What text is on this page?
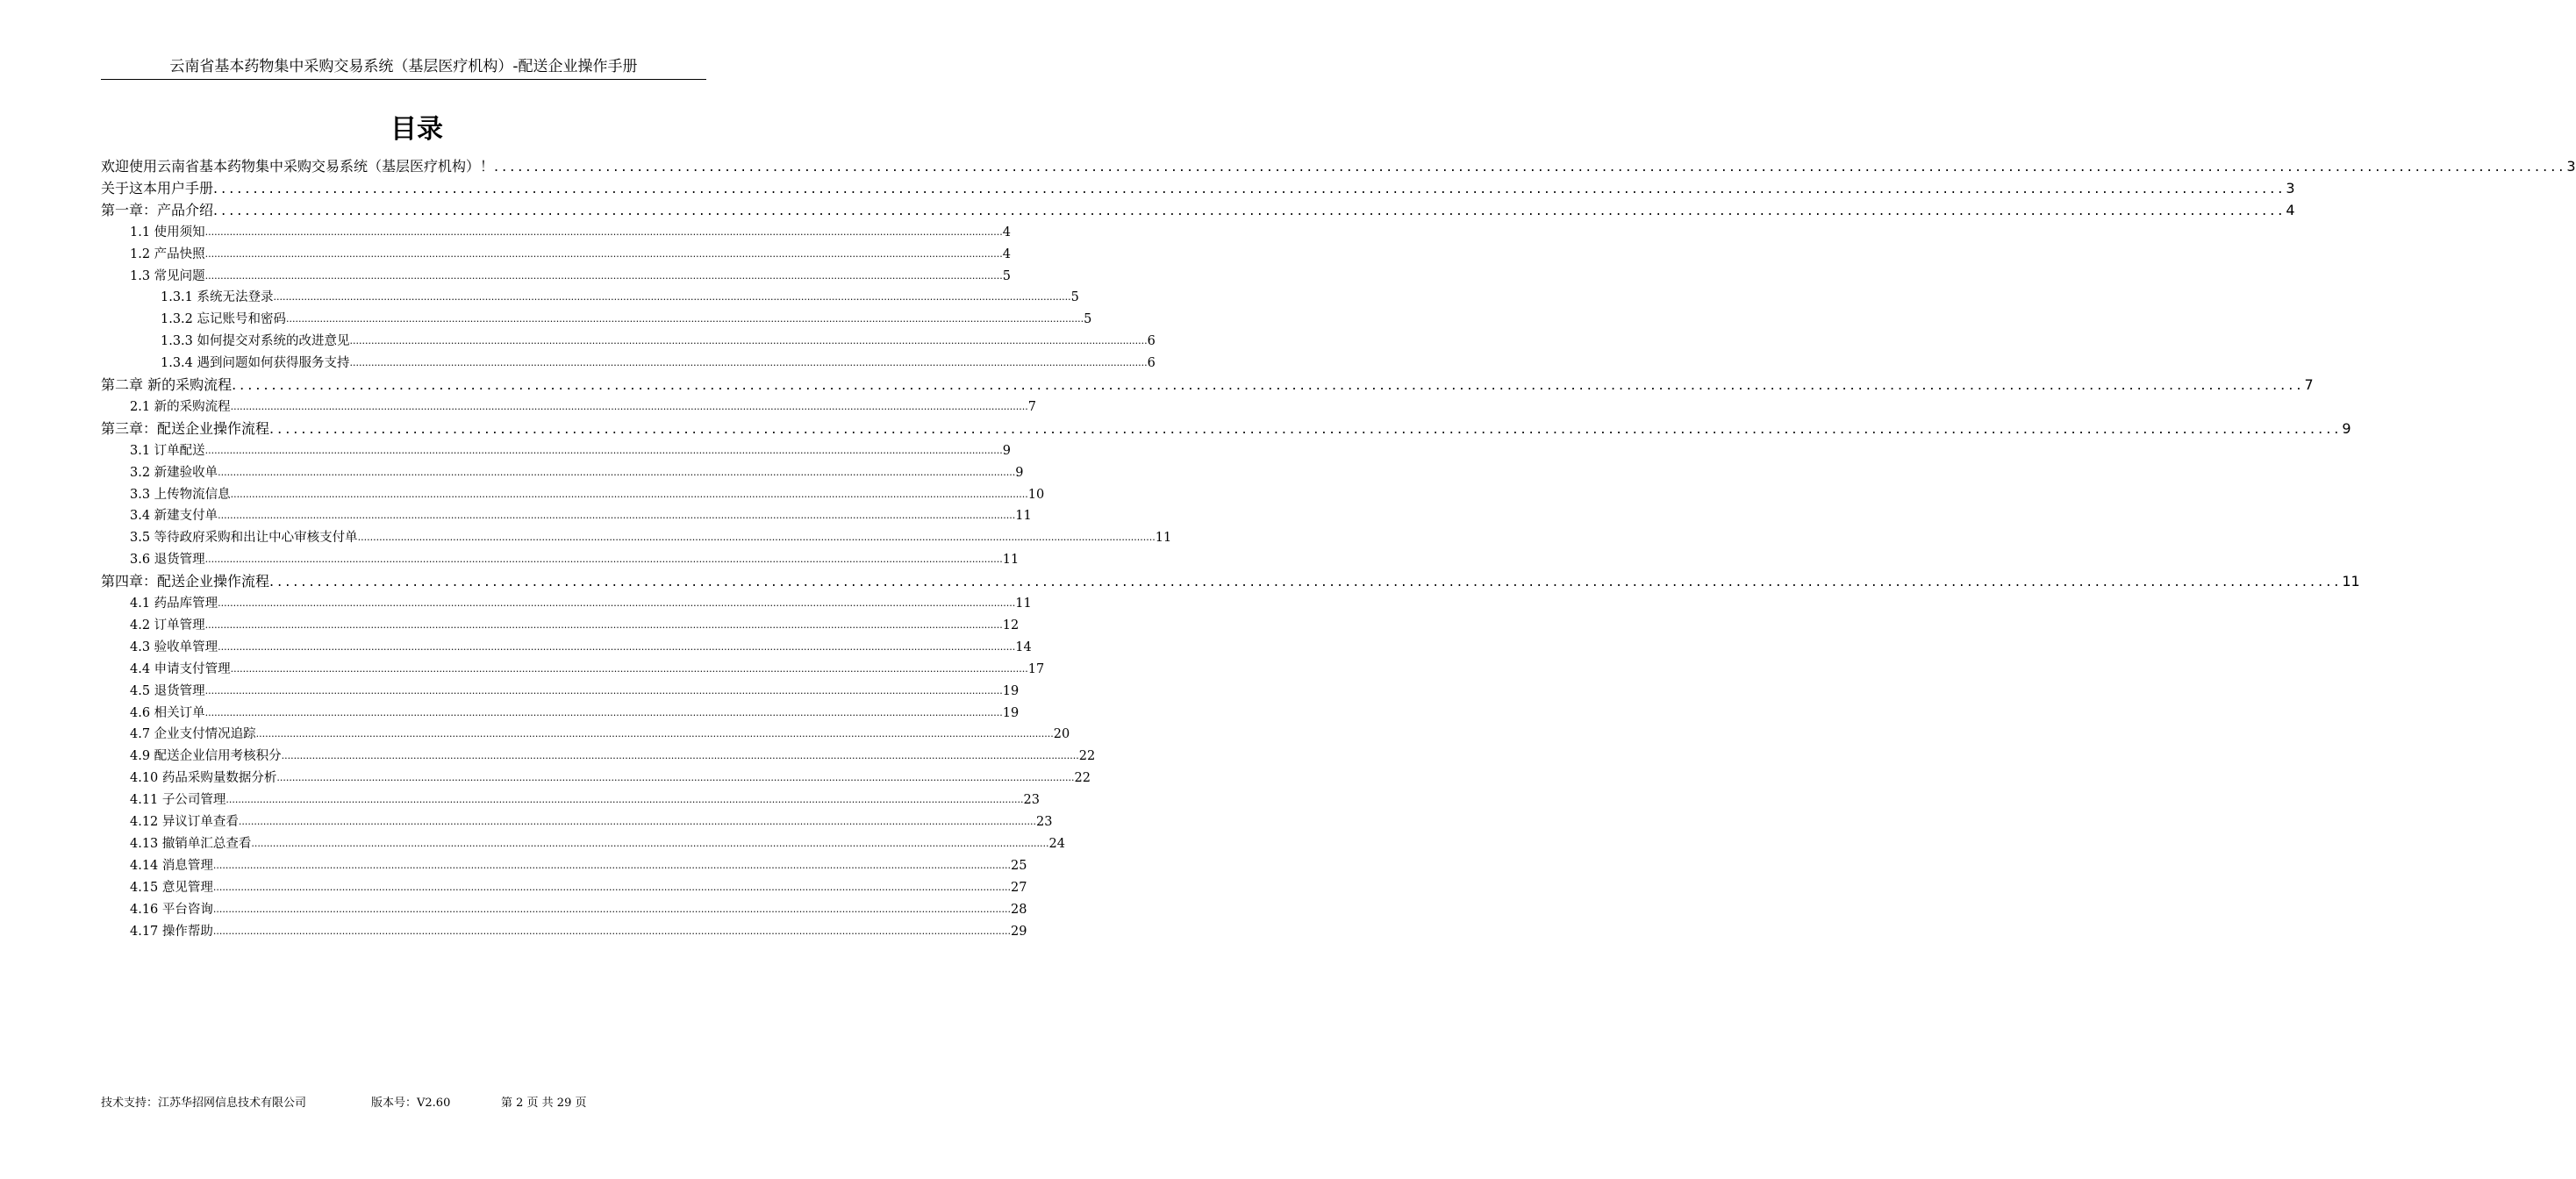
云南省基本药物集中采购交易系统（基层医疗机构）-配送企业操作手册
目录
欢迎使用云南省基本药物集中采购交易系统（基层医疗机构）！ .................................................................................................................................................................................................................................................................... 3
关于这本用户手册 .................................................................................................................................................................................................................................................................... 3
第一章：产品介绍 .................................................................................................................................................................................................................................................................... 4
1.1 使用须知 .................................................................................................................................................................................................................................................................... 4
1.2 产品快照 .................................................................................................................................................................................................................................................................... 4
1.3 常见问题 .................................................................................................................................................................................................................................................................... 5
1.3.1 系统无法登录 .................................................................................................................................................................................................................................................................... 5
1.3.2 忘记账号和密码 .................................................................................................................................................................................................................................................................... 5
1.3.3 如何提交对系统的改进意见 .................................................................................................................................................................................................................................................................... 6
1.3.4 遇到问题如何获得服务支持 .................................................................................................................................................................................................................................................................... 6
第二章 新的采购流程 .................................................................................................................................................................................................................................................................... 7
2.1 新的采购流程 .................................................................................................................................................................................................................................................................... 7
第三章：配送企业操作流程 .................................................................................................................................................................................................................................................................... 9
3.1 订单配送 .................................................................................................................................................................................................................................................................... 9
3.2 新建验收单 .................................................................................................................................................................................................................................................................... 9
3.3 上传物流信息 .................................................................................................................................................................................................................................................................... 10
3.4 新建支付单 .................................................................................................................................................................................................................................................................... 11
3.5 等待政府采购和出让中心审核支付单 .................................................................................................................................................................................................................................................................... 11
3.6 退货管理 .................................................................................................................................................................................................................................................................... 11
第四章：配送企业操作流程 .................................................................................................................................................................................................................................................................... 11
4.1 药品库管理 .................................................................................................................................................................................................................................................................... 11
4.2 订单管理 .................................................................................................................................................................................................................................................................... 12
4.3 验收单管理 .................................................................................................................................................................................................................................................................... 14
4.4 申请支付管理 .................................................................................................................................................................................................................................................................... 17
4.5 退货管理 .................................................................................................................................................................................................................................................................... 19
4.6 相关订单 .................................................................................................................................................................................................................................................................... 19
4.7 企业支付情况追踪 .................................................................................................................................................................................................................................................................... 20
4.9 配送企业信用考核积分 .................................................................................................................................................................................................................................................................... 22
4.10 药品采购量数据分析 .................................................................................................................................................................................................................................................................... 22
4.11 子公司管理 .................................................................................................................................................................................................................................................................... 23
4.12 异议订单查看 .................................................................................................................................................................................................................................................................... 23
4.13 撤销单汇总查看 .................................................................................................................................................................................................................................................................... 24
4.14 消息管理 .................................................................................................................................................................................................................................................................... 25
4.15 意见管理 .................................................................................................................................................................................................................................................................... 27
4.16 平台咨询 .................................................................................................................................................................................................................................................................... 28
4.17 操作帮助 .................................................................................................................................................................................................................................................................... 29
技术支持：江苏华招网信息技术有限公司	版本号：V2.60	第 2 页 共 29 页
